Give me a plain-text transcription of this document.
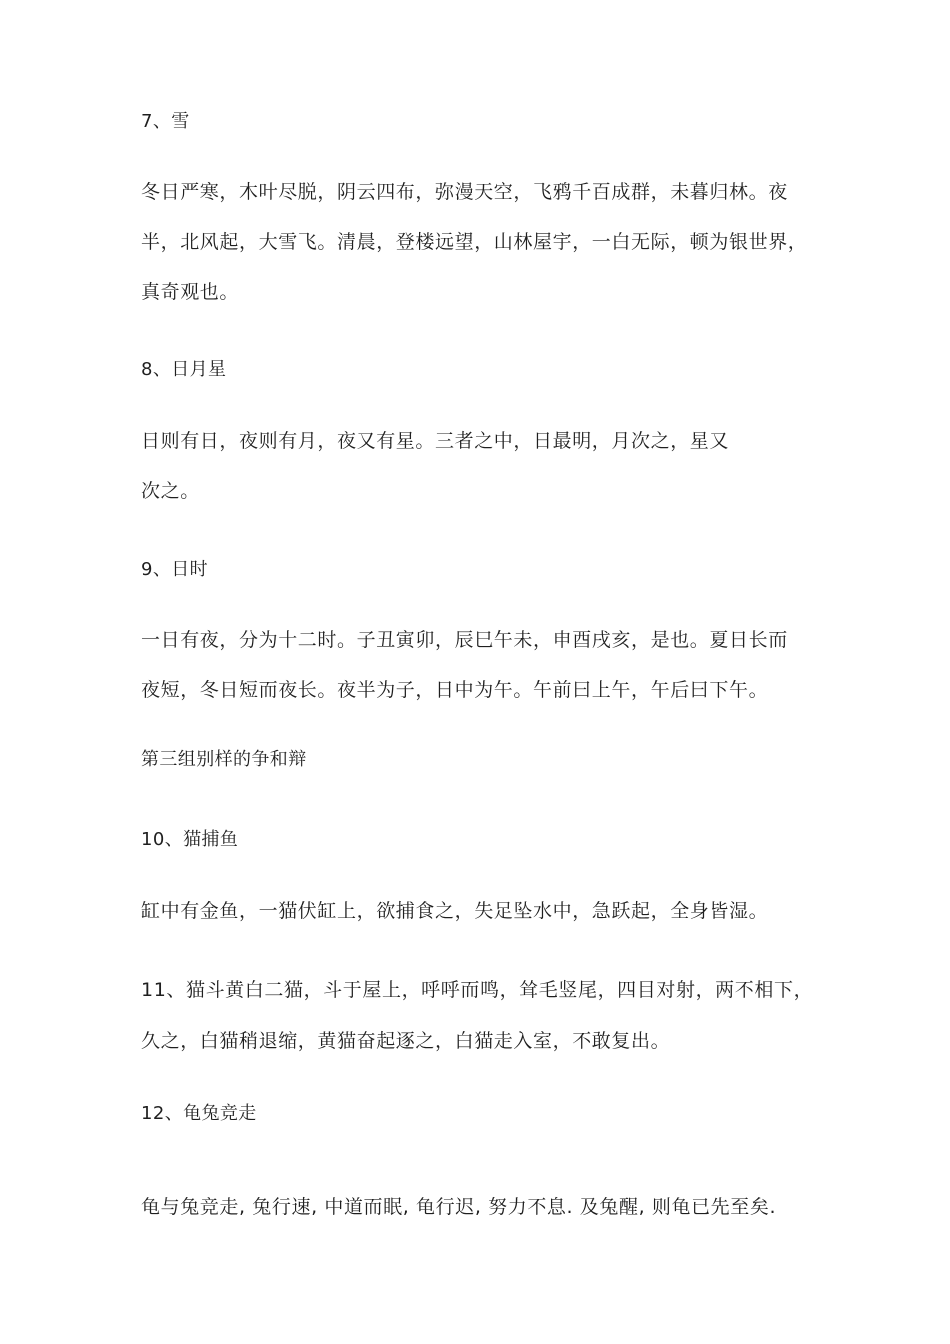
7、雪
冬日严寒，木叶尽脱，阴云四布，弥漫天空，飞鸦千百成群，未暮归林。夜
半，北风起，大雪飞。清晨，登楼远望，山林屋宇，一白无际，顿为银世界，
真奇观也。
8、日月星
日则有日，夜则有月，夜又有星。三者之中，日最明，月次之，星又
次之。
9、日时
一日有夜，分为十二时。子丑寅卯，辰巳午未，申酉戌亥，是也。夏日长而
夜短，冬日短而夜长。夜半为子，日中为午。午前曰上午，午后曰下午。
第三组别样的争和辩
10、猫捕鱼
缸中有金鱼，一猫伏缸上，欲捕食之，失足坠水中，急跃起，全身皆湿。
11、猫斗黄白二猫，斗于屋上，呼呼而鸣，耸毛竖尾，四目对射，两不相下，
久之，白猫稍退缩，黄猫奋起逐之，白猫走入室，不敢复出。
12、龟兔竞走
龟与兔竞走, 兔行速, 中道而眠, 龟行迟, 努力不息. 及兔醒, 则龟已先至矣.
